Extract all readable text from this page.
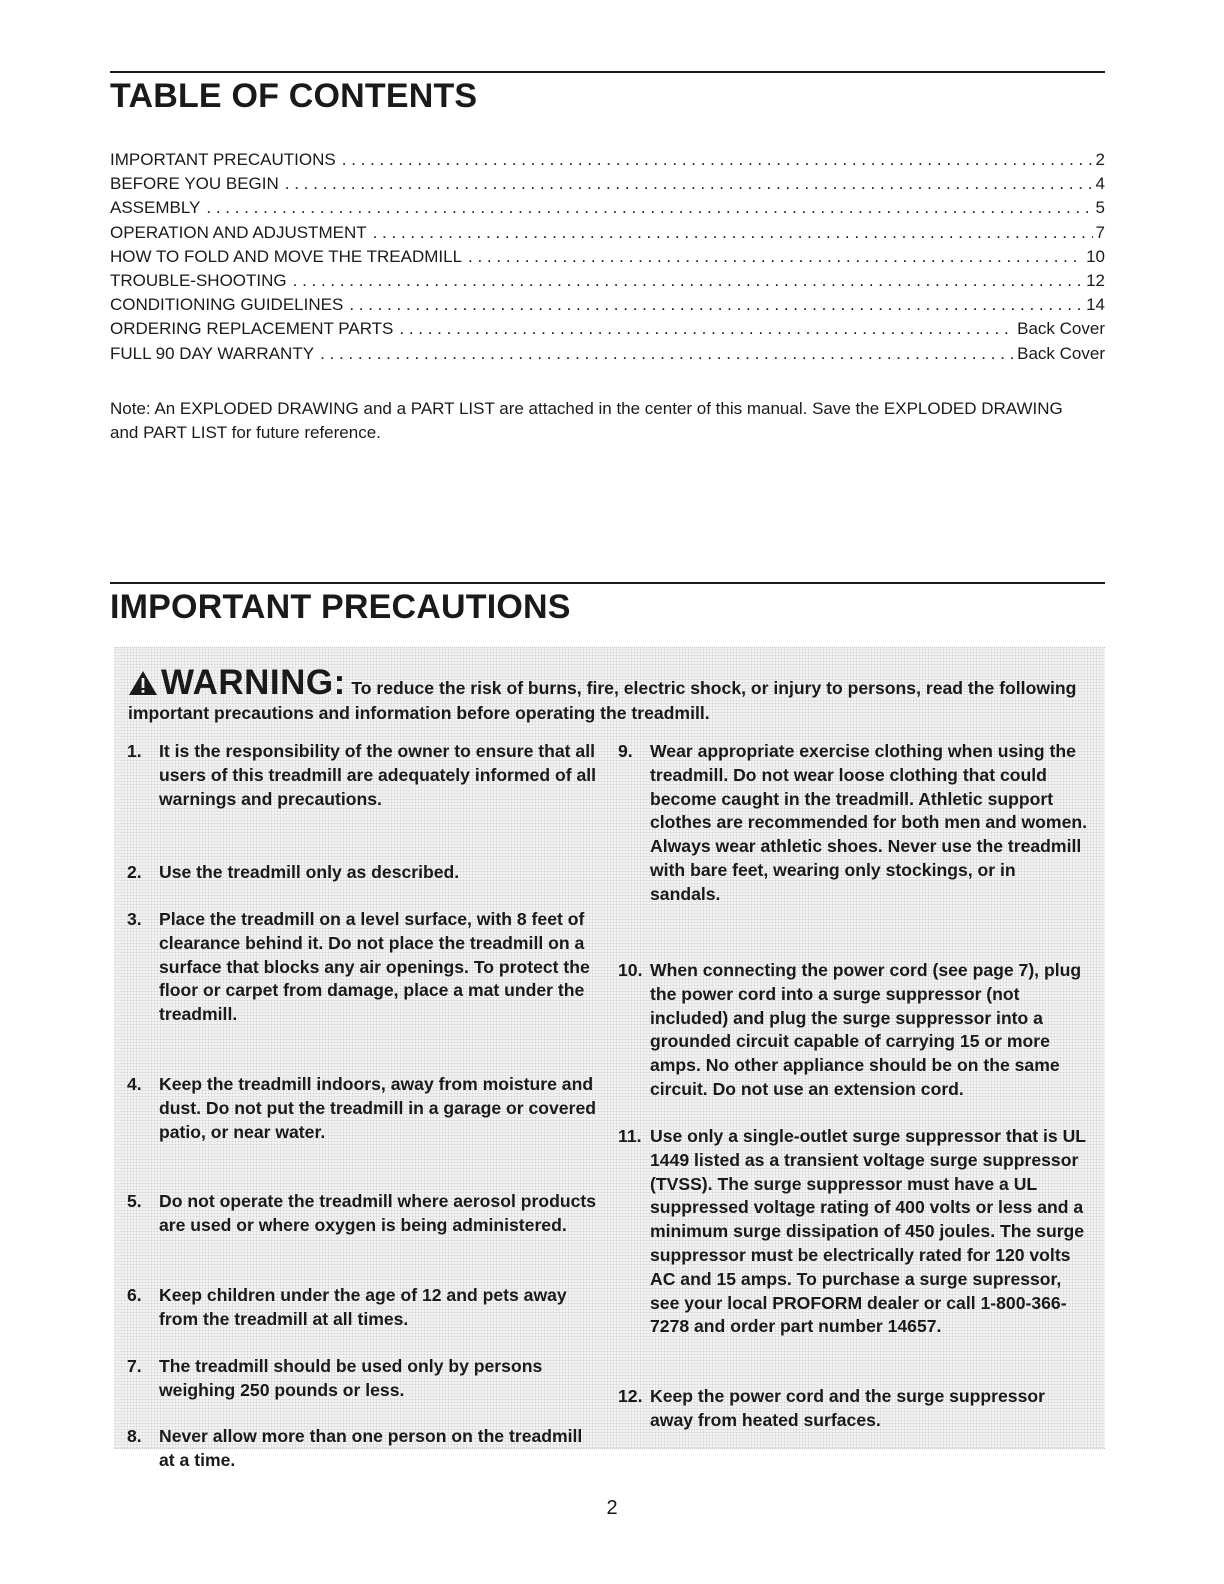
TABLE OF CONTENTS
IMPORTANT PRECAUTIONS . . .	2
BEFORE YOU BEGIN . . .	4
ASSEMBLY . . .	5
OPERATION AND ADJUSTMENT . . .	7
HOW TO FOLD AND MOVE THE TREADMILL . . .	10
TROUBLE-SHOOTING . . .	12
CONDITIONING GUIDELINES . . .	14
ORDERING REPLACEMENT PARTS . . .	Back Cover
FULL 90 DAY WARRANTY . . .	Back Cover

Note: An EXPLODED DRAWING and a PART LIST are attached in the center of this manual. Save the EXPLODED DRAWING and PART LIST for future reference.

IMPORTANT PRECAUTIONS

WARNING: To reduce the risk of burns, fire, electric shock, or injury to persons, read the following important precautions and information before operating the treadmill.

1. It is the responsibility of the owner to ensure that all users of this treadmill are adequately informed of all warnings and precautions.
2. Use the treadmill only as described.
3. Place the treadmill on a level surface, with 8 feet of clearance behind it. Do not place the treadmill on a surface that blocks any air openings. To protect the floor or carpet from damage, place a mat under the treadmill.
4. Keep the treadmill indoors, away from moisture and dust. Do not put the treadmill in a garage or covered patio, or near water.
5. Do not operate the treadmill where aerosol products are used or where oxygen is being administered.
6. Keep children under the age of 12 and pets away from the treadmill at all times.
7. The treadmill should be used only by persons weighing 250 pounds or less.
8. Never allow more than one person on the treadmill at a time.
9. Wear appropriate exercise clothing when using the treadmill. Do not wear loose clothing that could become caught in the treadmill. Athletic support clothes are recommended for both men and women. Always wear athletic shoes. Never use the treadmill with bare feet, wearing only stockings, or in sandals.
10. When connecting the power cord (see page 7), plug the power cord into a surge suppressor (not included) and plug the surge suppressor into a grounded circuit capable of carrying 15 or more amps. No other appliance should be on the same circuit. Do not use an extension cord.
11. Use only a single-outlet surge suppressor that is UL 1449 listed as a transient voltage surge suppressor (TVSS). The surge suppressor must have a UL suppressed voltage rating of 400 volts or less and a minimum surge dissipation of 450 joules. The surge suppressor must be electrically rated for 120 volts AC and 15 amps. To purchase a surge supressor, see your local PROFORM dealer or call 1-800-366-7278 and order part number 14657.
12. Keep the power cord and the surge suppressor away from heated surfaces.

2
